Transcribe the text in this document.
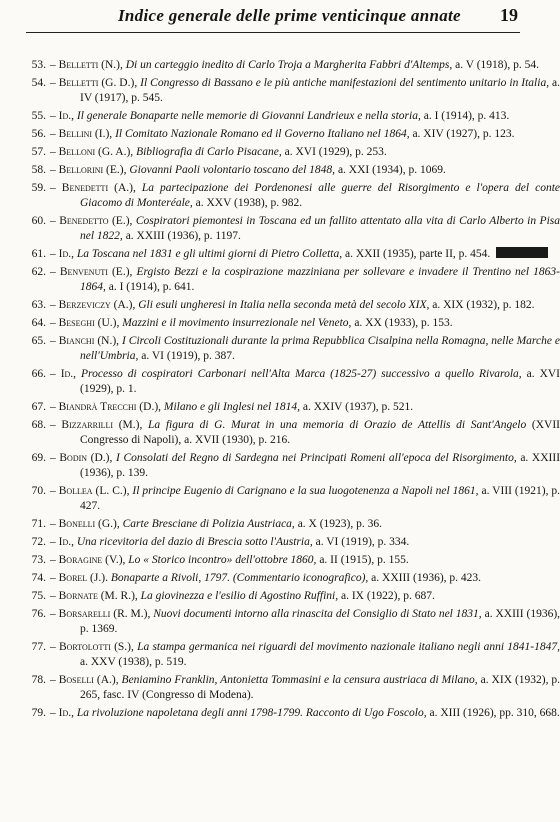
Indice generale delle prime venticinque annate 19
53. – Belletti (N.), Di un carteggio inedito di Carlo Troja a Margherita Fabbri d'Altemps, a. V (1918), p. 54.
54. – Belletti (G. D.), Il Congresso di Bassano e le più antiche manifestazioni del sentimento unitario in Italia, a. IV (1917), p. 545.
55. – Id., Il generale Bonaparte nelle memorie di Giovanni Landrieux e nella storia, a. I (1914), p. 413.
56. – Bellini (I.), Il Comitato Nazionale Romano ed il Governo Italiano nel 1864, a. XIV (1927), p. 123.
57. – Belloni (G. A.), Bibliografia di Carlo Pisacane, a. XVI (1929), p. 253.
58. – Bellorini (E.), Giovanni Paoli volontario toscano del 1848, a. XXI (1934), p. 1069.
59. – Benedetti (A.), La partecipazione dei Pordenonesi alle guerre del Risorgimento e l'opera del conte Giacomo di Monteréale, a. XXV (1938), p. 982.
60. – Benedetto (E.), Cospiratori piemontesi in Toscana ed un fallito attentato alla vita di Carlo Alberto in Pisa nel 1822, a. XXIII (1936), p. 1197.
61. – Id., La Toscana nel 1831 e gli ultimi giorni di Pietro Colletta, a. XXII (1935), parte II, p. 454.
62. – Benvenuti (E.), Ergisto Bezzi e la cospirazione mazziniana per sollevare e invadere il Trentino nel 1863-1864, a. I (1914), p. 641.
63. – Berzeviczy (A.), Gli esuli ungheresi in Italia nella seconda metà del secolo XIX, a. XIX (1932), p. 182.
64. – Beseghi (U.), Mazzini e il movimento insurrezionale nel Veneto, a. XX (1933), p. 153.
65. – Bianchi (N.), I Circoli Costituzionali durante la prima Repubblica Cisalpina nella Romagna, nelle Marche e nell'Umbria, a. VI (1919), p. 387.
66. – Id., Processo di cospiratori Carbonari nell'Alta Marca (1825-27) successivo a quello Rivarola, a. XVI (1929), p. 1.
67. – Biandrà Trecchi (D.), Milano e gli Inglesi nel 1814, a. XXIV (1937), p. 521.
68. – Bizzarrilli (M.), La figura di G. Murat in una memoria di Orazio de Attellis di Sant'Angelo (XVII Congresso di Napoli), a. XVII (1930), p. 216.
69. – Bodin (D.), I Consolati del Regno di Sardegna nei Principati Romeni all'epoca del Risorgimento, a. XXIII (1936), p. 139.
70. – Bollea (L. C.), Il principe Eugenio di Carignano e la sua luogotenenza a Napoli nel 1861, a. VIII (1921), p. 427.
71. – Bonelli (G.), Carte Bresciane di Polizia Austriaca, a. X (1923), p. 36.
72. – Id., Una ricevitoria del dazio di Brescia sotto l'Austria, a. VI (1919), p. 334.
73. – Boragine (V.), Lo « Storico incontro» dell'ottobre 1860, a. II (1915), p. 155.
74. – Borel (J.). Bonaparte a Rivoli, 1797. (Commentario iconografico), a. XXIII (1936), p. 423.
75. – Bornate (M. R.), La giovinezza e l'esilio di Agostino Ruffini, a. IX (1922), p. 687.
76. – Borsarelli (R. M.), Nuovi documenti intorno alla rinascita del Consiglio di Stato nel 1831, a. XXIII (1936), p. 1369.
77. – Bortolotti (S.), La stampa germanica nei riguardi del movimento nazionale italiano negli anni 1841-1847, a. XXV (1938), p. 519.
78. – Boselli (A.), Beniamino Franklin, Antonietta Tommasini e la censura austriaca di Milano, a. XIX (1932), p. 265, fasc. IV (Congresso di Modena).
79. – Id., La rivoluzione napoletana degli anni 1798-1799. Racconto di Ugo Foscolo, a. XIII (1926), pp. 310, 668.
